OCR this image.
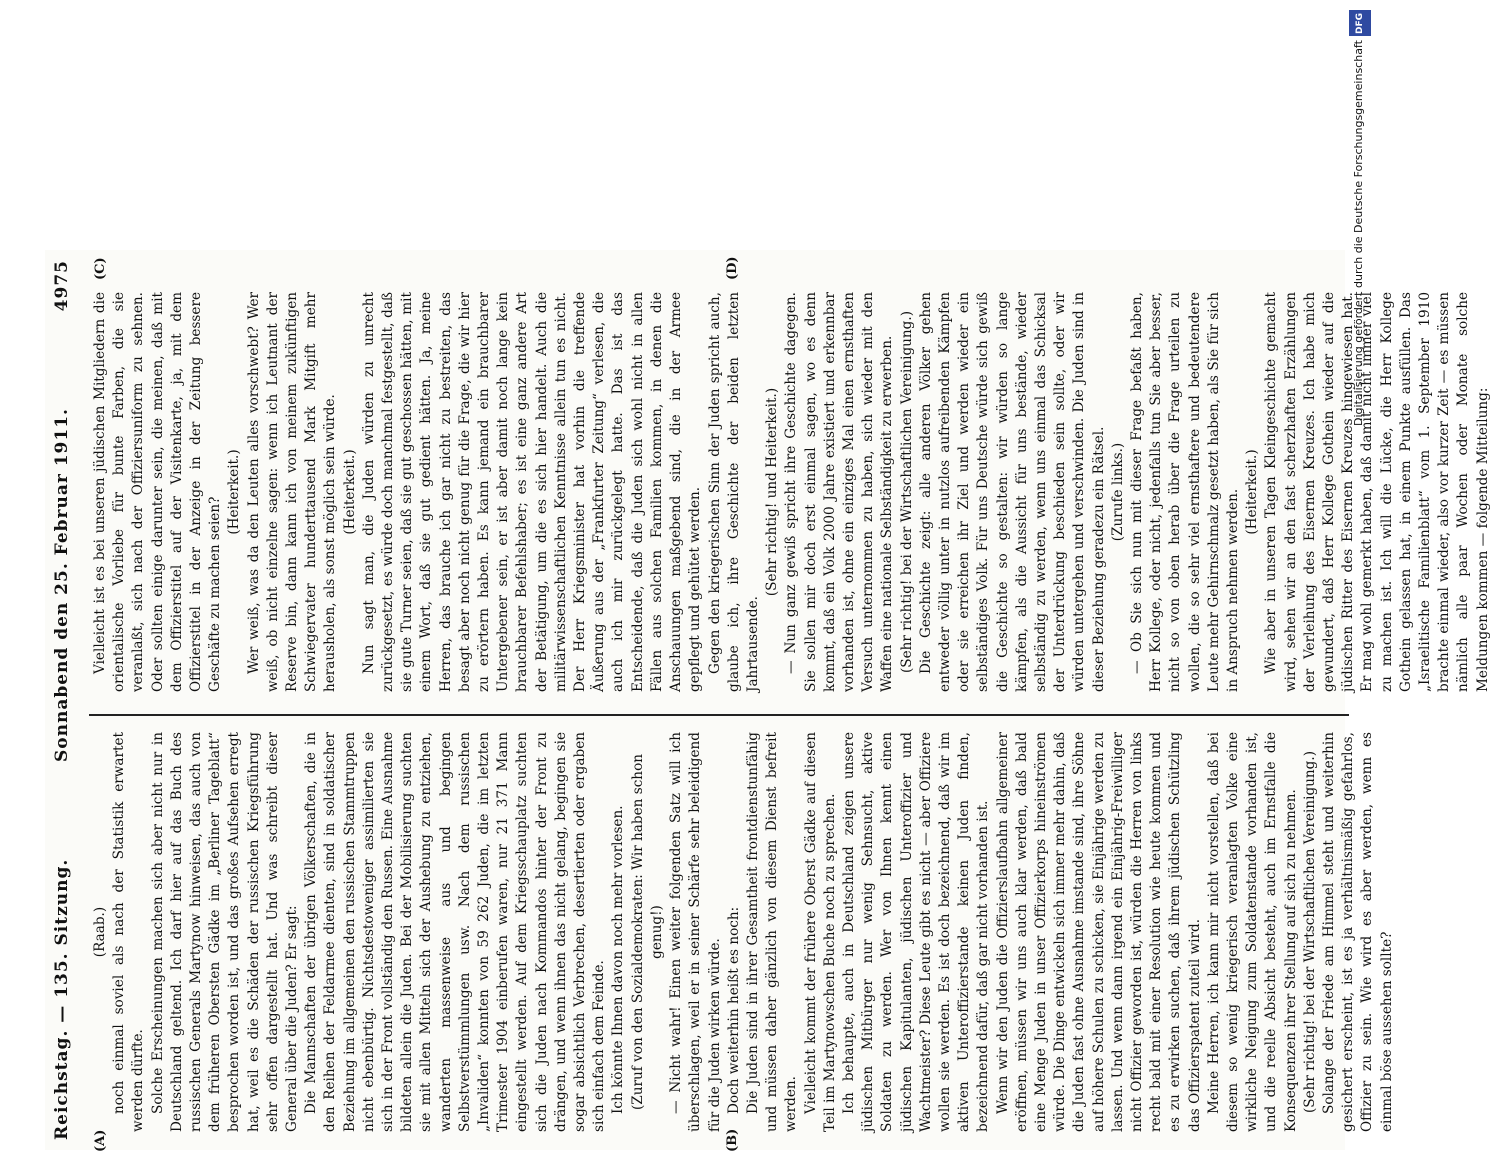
Reichstag. — 135. Sitzung.
Sonnabend den 25. Februar 1911.
4975
(A)	(B)
(C)	(D)

(Raab.) noch einmal soviel als nach der Statistik erwartet werden dürfte. Solche Erscheinungen machen sich aber nicht nur in Deutschland geltend. Ich darf hier auf das Buch des russischen Generals Martynow hinweisen, das auch von dem früheren Obersten Gädke im „Berliner Tageblatt“ besprochen worden ist, und das großes Aufsehen erregt hat, weil es die Schäden der russischen Kriegsführung sehr offen dargestellt hat. Und was schreibt dieser General über die Juden? Er sagt: Die Mannschaften der übrigen Völkerschaften, die in den Reihen der Feldarmee dienten, sind in soldatischer Beziehung im allgemeinen den russischen Stammtruppen nicht ebenbürtig. Nichtsdestoweniger assimilierten sie sich in der Front vollständig den Russen. Eine Ausnahme bildeten allein die Juden. Bei der Mobilisierung suchten sie mit allen Mitteln sich der Aushebung zu entziehen, wanderten massenweise aus und begingen Selbstverstümmlungen usw. Nach dem russischen „Invaliden“ konnten von 59 262 Juden, die im letzten Trimester 1904 einberufen waren, nur 21 371 Mann eingestellt werden. Auf dem Kriegsschauplatz suchten sich die Juden nach Kommandos hinter der Front zu drängen, und wenn ihnen das nicht gelang, begingen sie sogar absichtlich Verbrechen, desertierten oder ergaben sich einfach dem Feinde. Ich könnte Ihnen davon noch mehr vorlesen. (Zuruf von den Sozialdemokraten: Wir haben schon genug!) — Nicht wahr! Einen weiter folgenden Satz will ich überschlagen, weil er in seiner Schärfe sehr beleidigend für die Juden wirken würde. Doch weiterhin heißt es noch: Die Juden sind in ihrer Gesamtheit frontdienstunfähig und müssen daher gänzlich von diesem Dienst befreit werden. Vielleicht kommt der frühere Oberst Gädke auf diesen Teil im Martynowschen Buche noch zu sprechen. Ich behaupte, auch in Deutschland zeigen unsere jüdischen Mitbürger nur wenig Sehnsucht, aktive Soldaten zu werden. Wer von Ihnen kennt einen jüdischen Kapitulanten, jüdischen Unteroffizier und Wachtmeister? Diese Leute gibt es nicht — aber Offiziere wollen sie werden. Es ist doch bezeichnend, daß wir im aktiven Unteroffizierstande keinen Juden finden, bezeichnend dafür, daß gar nicht vorhanden ist. Wenn wir den Juden die Offizierslaufbahn allgemeiner eröffnen, müssen wir uns auch klar werden, daß bald eine Menge Juden in unser Offizierkorps hineinströmen würde. Die Dinge entwickeln sich immer mehr dahin, daß die Juden fast ohne Ausnahme imstande sind, ihre Söhne auf höhere Schulen zu schicken, sie Einjährige werden zu lassen. Und wenn dann irgend ein Einjährig-Freiwilliger nicht Offizier geworden ist, würden die Herren von links recht bald mit einer Resolution wie heute kommen und es zu erwirken suchen, daß ihrem jüdischen Schützling das Offizierspatent zuteil wird. Meine Herren, ich kann mir nicht vorstellen, daß bei diesem so wenig kriegerisch veranlagten Volke eine wirkliche Neigung zum Soldatenstande vorhanden ist, und die reelle Absicht besteht, auch im Ernstfalle die Konsequenzen ihrer Stellung auf sich zu nehmen. (Sehr richtig! bei der Wirtschaftlichen Vereinigung.) Solange der Friede am Himmel steht und weiterhin gesichert erscheint, ist es ja verhältnismäßig gefahrlos, Offizier zu sein. Wie wird es aber werden, wenn es einmal böse aussehen sollte?

Vielleicht ist es bei unseren jüdischen Mitgliedern die orientalische Vorliebe für bunte Farben, die sie veranlaßt, sich nach der Offiziersuniform zu sehnen. Oder sollten einige darunter sein, die meinen, daß mit dem Offizierstitel auf der Visitenkarte, ja, mit dem Offizierstitel in der Anzeige in der Zeitung bessere Geschäfte zu machen seien?

(Heiterkeit.) Wer weiß, was da den Leuten alles vorschwebt? Wer weiß, ob nicht einzelne sagen: wenn ich Leutnant der Reserve bin, dann kann ich von meinem zukünftigen Schwiegervater hunderttausend Mark Mitgift mehr herausholen, als sonst möglich sein würde. (Heiterkeit.) Nun sagt man, die Juden würden zu unrecht zurückgesetzt, es würde doch manchmal festgestellt, daß sie gute Turner seien, daß sie gut geschossen hätten, mit einem Wort, daß sie gut gedient hätten. Ja, meine Herren, das brauche ich gar nicht zu bestreiten, das besagt aber noch nicht genug für die Frage, die wir hier zu erörtern haben. Es kann jemand ein brauchbarer Untergebener sein, er ist aber damit noch lange kein brauchbarer Befehlshaber; es ist eine ganz andere Art der Betätigung, um die es sich hier handelt. Auch die militärwissenschaftlichen Kenntnisse allein tun es nicht. Der Herr Kriegsminister hat vorhin die treffende Äußerung aus der „Frankfurter Zeitung“ verlesen, die auch ich mir zurückgelegt hatte. Das ist das Entscheidende, daß die Juden sich wohl nicht in allen Fällen aus solchen Familien kommen, in denen die Anschauungen maßgebend sind, die in der Armee gepflegt und gehütet werden. Gegen den kriegerischen Sinn der Juden spricht auch, glaube ich, ihre Geschichte der beiden letzten Jahrtausende.

(Sehr richtig! und Heiterkeit.) — Nun ganz gewiß spricht ihre Geschichte dagegen. Sie sollen mir doch erst einmal sagen, wo es denn kommt, daß ein Volk 2000 Jahre existiert und erkennbar vorhanden ist, ohne ein einziges Mal einen ernsthaften Versuch unternommen zu haben, sich wieder mit den Waffen eine nationale Selbständigkeit zu erwerben. (Sehr richtig! bei der Wirtschaftlichen Vereinigung.) Die Geschichte zeigt: alle anderen Völker gehen entweder völlig unter in nutzlos aufreibenden Kämpfen oder sie erreichen ihr Ziel und werden wieder ein selbständiges Volk. Für uns Deutsche würde sich gewiß die Geschichte so gestalten: wir würden so lange kämpfen, als die Aussicht für uns bestände, wieder selbständig zu werden, wenn uns einmal das Schicksal der Unterdrückung beschieden sein sollte, oder wir würden untergehen und verschwinden. Die Juden sind in dieser Beziehung geradezu ein Rätsel. (Zurufe links.) — Ob Sie sich nun mit dieser Frage befaßt haben, Herr Kollege, oder nicht, jedenfalls tun Sie aber besser, nicht so von oben herab über die Frage urteilen zu wollen, die so sehr viel ernsthaftere und bedeutendere Leute mehr Gehirnschmalz gesetzt haben, als Sie für sich in Anspruch nehmen werden. (Heiterkeit.) Wie aber in unseren Tagen Kleingeschichte gemacht wird, sehen wir an den fast scherzhaften Erzählungen der Verleihung des Eisernen Kreuzes. Ich habe mich gewundert, daß Herr Kollege Gothein wieder auf die jüdischen Ritter des Eisernen Kreuzes hingewiesen hat. Er mag wohl gemerkt haben, daß damit nicht immer viel zu machen ist. Ich will die Lücke, die Herr Kollege Gothein gelassen hat, in einem Punkte ausfüllen. Das „Israelitische Familienblatt“ vom 1. September 1910 brachte einmal wieder, also vor kurzer Zeit — es müssen nämlich alle paar Wochen oder Monate solche Meldungen kommen — folgende Mitteilung:

DFG
Digitalisierung gefördert durch die Deutsche Forschungsgemeinschaft
